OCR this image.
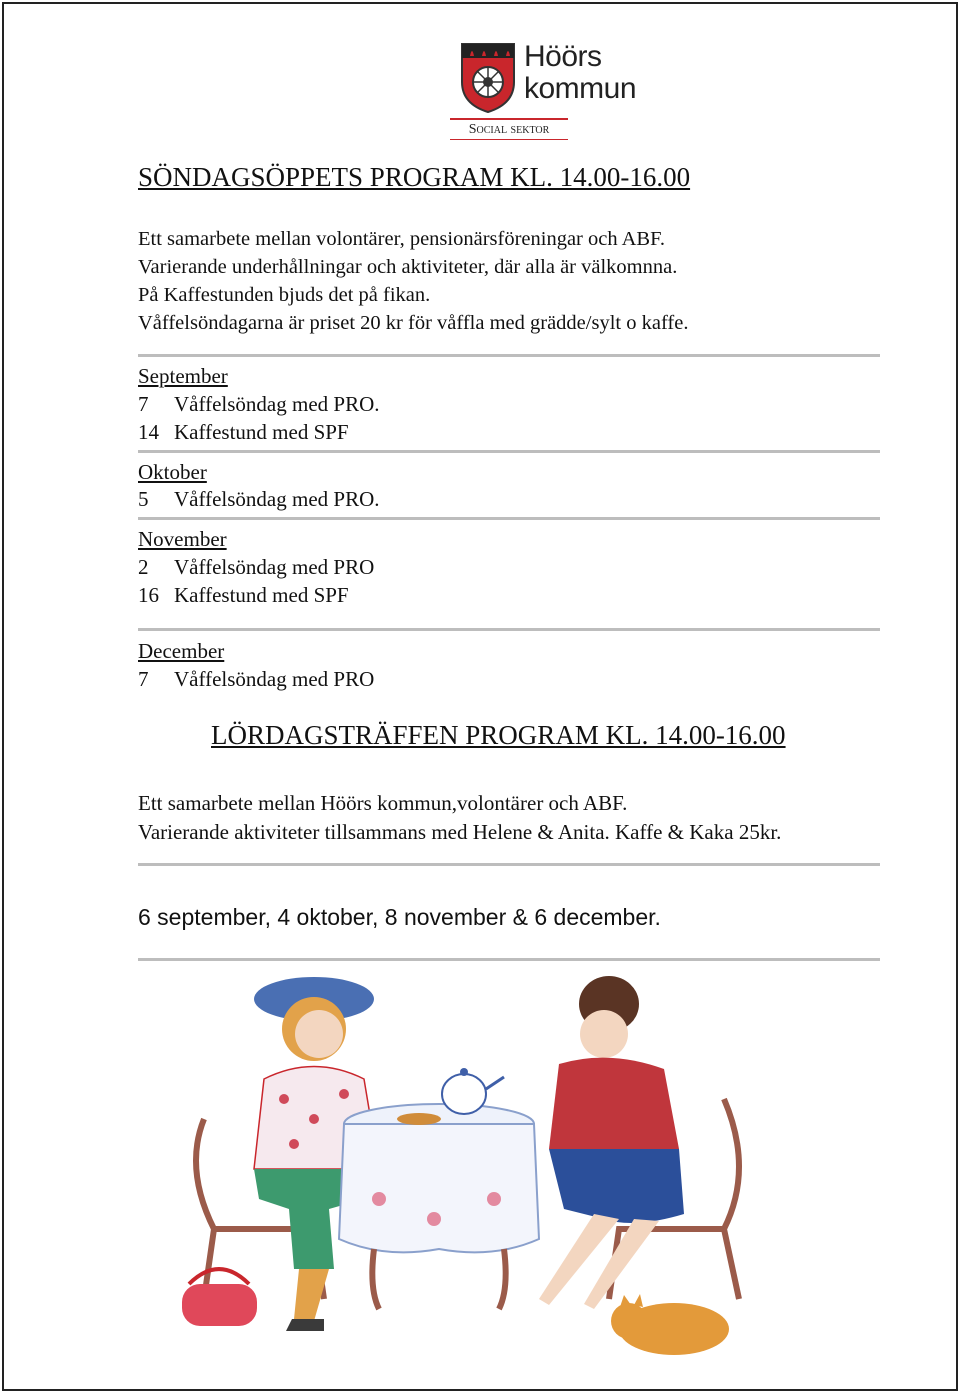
Höörs
kommun
Social sektor
SÖNDAGSÖPPETS PROGRAM KL. 14.00-16.00
Ett samarbete mellan volontärer, pensionärsföreningar och ABF.
Varierande underhållningar och aktiviteter, där alla är välkomnna.
På Kaffestunden bjuds det på fikan.
Våffelsöndagarna är priset 20 kr för våffla med grädde/sylt o kaffe.
September
7 Våffelsöndag med PRO.
14 Kaffestund med SPF
Oktober
5 Våffelsöndag med PRO.
November
2 Våffelsöndag med PRO
16 Kaffestund med SPF
December
7 Våffelsöndag med PRO
LÖRDAGSTRÄFFEN PROGRAM KL. 14.00-16.00
Ett samarbete mellan Höörs kommun,volontärer och ABF.
Varierande aktiviteter tillsammans med Helene & Anita. Kaffe & Kaka 25kr.
6 september, 4 oktober, 8 november & 6 december.
